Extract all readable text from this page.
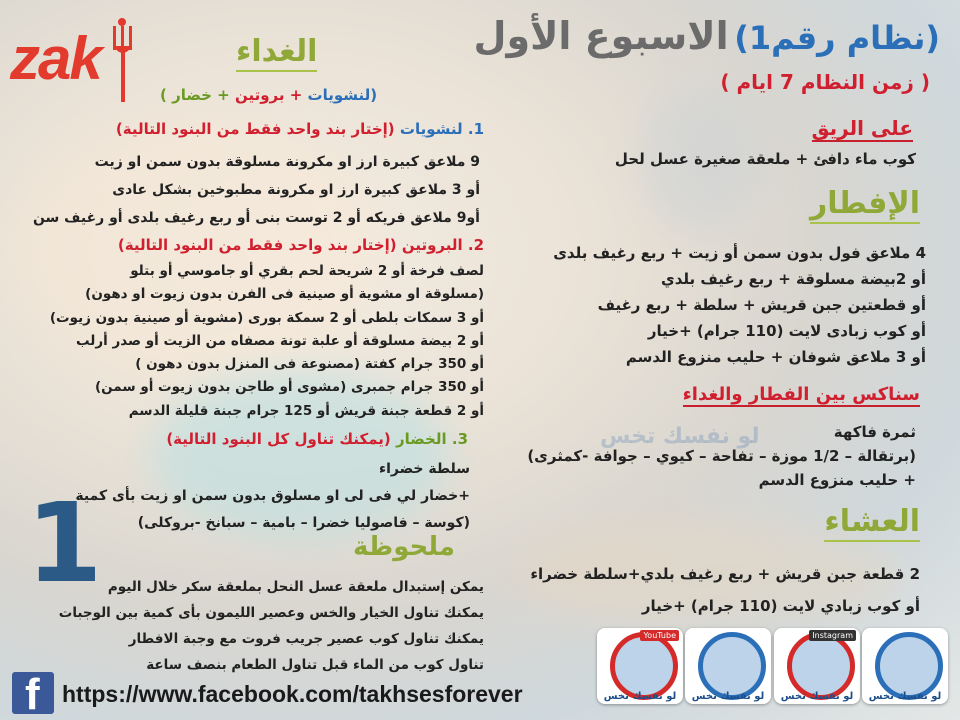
zak	(نظام رقم1) الاسبوع الأول
( زمن النظام 7 ايام )
الغداء
(لنشويات + بروتين + خضار )
1. لنشويات (إختار بند واحد فقط من البنود التالية)
9 ملاعق كبيرة ارز او مكرونة مسلوقة بدون سمن او زيت
أو 3 ملاعق كبيرة ارز او مكرونة مطبوخين بشكل عادى
أو9 ملاعق فريكه أو 2 توست بنى أو ربع رغيف بلدى أو رغيف سن
2. البروتين (إختار بند واحد فقط من البنود التالية)
لصف فرخة أو 2 شريحة لحم بقري أو جاموسي أو بتلو
(مسلوقة او مشوية أو صينية فى الفرن بدون زيوت او دهون)
أو 3 سمكات بلطى أو 2 سمكة بورى (مشوية أو صينية بدون زيوت)
أو 2 بيضة مسلوقة أو علبة تونة مصفاه من الزيت أو صدر أرلب
أو 350 جرام كفتة (مصنوعة فى المنزل بدون دهون )
أو 350 جرام جمبرى (مشوى أو طاجن بدون زيوت أو سمن)
أو 2 قطعة جبنة قريش أو 125 جرام جبنة قليلة الدسم
3. الخضار (يمكنك تناول كل البنود التالية)
سلطة خضراء
+خضار لي فى لى او مسلوق بدون سمن او زيت بأى كمية
(كوسة – فاصوليا خضرا – بامية – سبانخ -بروكلى)
1	ملحوظة
يمكن إستبدال ملعقة عسل النحل بملعقة سكر خلال اليوم
يمكنك تناول الخيار والخس وعصير الليمون بأى كمية بين الوجبات
يمكنك تناول كوب عصير جريب فروت مع وجبة الافطار
تناول كوب من الماء قبل تناول الطعام بنصف ساعة
على الريق
كوب ماء دافئ + ملعقة صغيرة عسل لحل
الإفطار
4 ملاعق فول بدون سمن أو زيت + ربع رغيف بلدى
أو 2بيضة مسلوقة + ربع رغيف بلدي
أو قطعتين جبن قريش + سلطة + ربع رغيف
أو كوب زبادى لايت (110 جرام) +خيار
أو 3 ملاعق شوفان + حليب منزوع الدسم
سناكس بين الفطار والغداء
ثمرة فاكهة
(برتقالة – 1/2 موزة – تفاحة – كيوي – جوافة -كمثرى)
+ حليب منزوع الدسم
لو نفسك تخس
العشاء
2 قطعة جبن قريش + ربع رغيف بلدي+سلطة خضراء
أو كوب زبادي لايت (110 جرام) +خيار
YouTube
لو نفسك تخس	لو نفسك تخس
Instagram
لو نفسك تخس	لو نفسك تخس
f https://www.facebook.com/takhsesforever
